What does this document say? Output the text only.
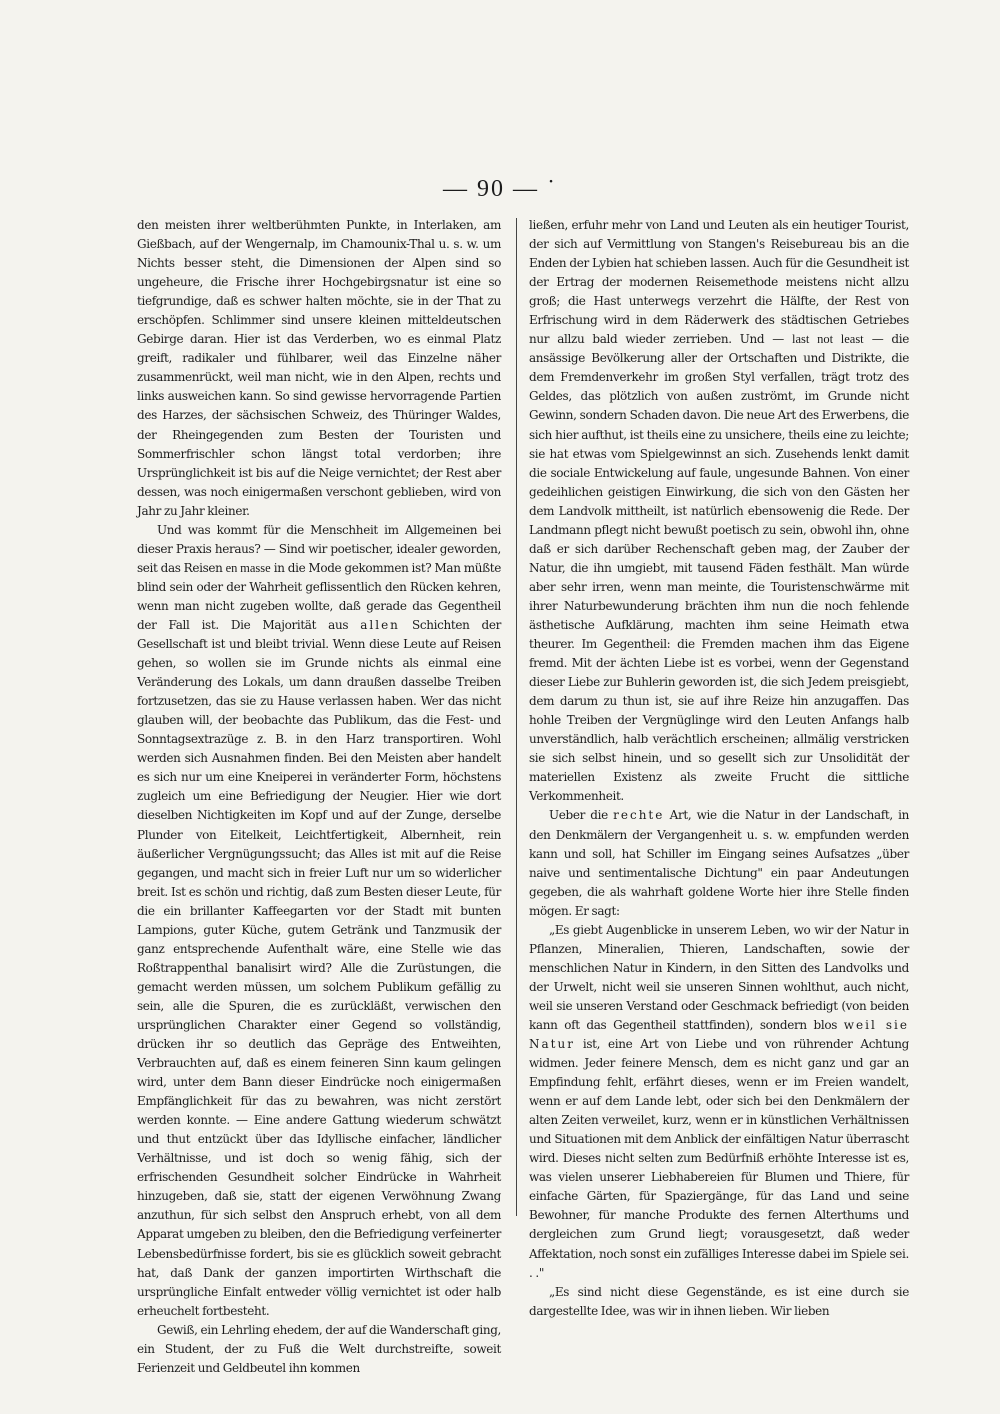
— 90 — ˙

den meisten ihrer weltberühmten Punkte, in Interlaken, am Gießbach, auf der Wengernalp, im Chamounix-Thal u. s. w. um Nichts besser steht, die Dimensionen der Alpen sind so ungeheure, die Frische ihrer Hochgebirgsnatur ist eine so tiefgrundige, daß es schwer halten möchte, sie in der That zu erschöpfen. Schlimmer sind unsere kleinen mitteldeutschen Gebirge daran. Hier ist das Verderben, wo es einmal Platz greift, radikaler und fühlbarer, weil das Einzelne näher zusammenrückt, weil man nicht, wie in den Alpen, rechts und links ausweichen kann. So sind gewisse hervorragende Partien des Harzes, der sächsischen Schweiz, des Thüringer Waldes, der Rheingegenden zum Besten der Touristen und Sommerfrischler schon längst total verdorben; ihre Ursprünglichkeit ist bis auf die Neige vernichtet; der Rest aber dessen, was noch einigermaßen verschont geblieben, wird von Jahr zu Jahr kleiner.

Und was kommt für die Menschheit im Allgemeinen bei dieser Praxis heraus? — Sind wir poetischer, idealer geworden, seit das Reisen en masse in die Mode gekommen ist? Man müßte blind sein oder der Wahrheit geflissentlich den Rücken kehren, wenn man nicht zugeben wollte, daß gerade das Gegentheil der Fall ist. Die Majorität aus allen Schichten der Gesellschaft ist und bleibt trivial. Wenn diese Leute auf Reisen gehen, so wollen sie im Grunde nichts als einmal eine Veränderung des Lokals, um dann draußen dasselbe Treiben fortzusetzen, das sie zu Hause verlassen haben. Wer das nicht glauben will, der beobachte das Publikum, das die Fest- und Sonntagsextrazüge z. B. in den Harz transportiren. Wohl werden sich Ausnahmen finden. Bei den Meisten aber handelt es sich nur um eine Kneiperei in veränderter Form, höchstens zugleich um eine Befriedigung der Neugier. Hier wie dort dieselben Nichtigkeiten im Kopf und auf der Zunge, derselbe Plunder von Eitelkeit, Leichtfertigkeit, Albernheit, rein äußerlicher Vergnügungssucht; das Alles ist mit auf die Reise gegangen, und macht sich in freier Luft nur um so widerlicher breit. Ist es schön und richtig, daß zum Besten dieser Leute, für die ein brillanter Kaffeegarten vor der Stadt mit bunten Lampions, guter Küche, gutem Getränk und Tanzmusik der ganz entsprechende Aufenthalt wäre, eine Stelle wie das Roßtrappenthal banalisirt wird? Alle die Zurüstungen, die gemacht werden müssen, um solchem Publikum gefällig zu sein, alle die Spuren, die es zurückläßt, verwischen den ursprünglichen Charakter einer Gegend so vollständig, drücken ihr so deutlich das Gepräge des Entweihten, Verbrauchten auf, daß es einem feineren Sinn kaum gelingen wird, unter dem Bann dieser Eindrücke noch einigermaßen Empfänglichkeit für das zu bewahren, was nicht zerstört werden konnte. — Eine andere Gattung wiederum schwätzt und thut entzückt über das Idyllische einfacher, ländlicher Verhältnisse, und ist doch so wenig fähig, sich der erfrischenden Gesundheit solcher Eindrücke in Wahrheit hinzugeben, daß sie, statt der eigenen Verwöhnung Zwang anzuthun, für sich selbst den Anspruch erhebt, von all dem Apparat umgeben zu bleiben, den die Befriedigung verfeinerter Lebensbedürfnisse fordert, bis sie es glücklich soweit gebracht hat, daß Dank der ganzen importirten Wirthschaft die ursprüngliche Einfalt entweder völlig vernichtet ist oder halb erheuchelt fortbesteht.

Gewiß, ein Lehrling ehedem, der auf die Wanderschaft ging, ein Student, der zu Fuß die Welt durchstreifte, soweit Ferienzeit und Geldbeutel ihn kommen

ließen, erfuhr mehr von Land und Leuten als ein heutiger Tourist, der sich auf Vermittlung von Stangen's Reisebureau bis an die Enden der Lybien hat schieben lassen. Auch für die Gesundheit ist der Ertrag der modernen Reisemethode meistens nicht allzu groß; die Hast unterwegs verzehrt die Hälfte, der Rest von Erfrischung wird in dem Räderwerk des städtischen Getriebes nur allzu bald wieder zerrieben. Und — last not least — die ansässige Bevölkerung aller der Ortschaften und Distrikte, die dem Fremdenverkehr im großen Styl verfallen, trägt trotz des Geldes, das plötzlich von außen zuströmt, im Grunde nicht Gewinn, sondern Schaden davon. Die neue Art des Erwerbens, die sich hier aufthut, ist theils eine zu unsichere, theils eine zu leichte; sie hat etwas vom Spielgewinnst an sich. Zusehends lenkt damit die sociale Entwickelung auf faule, ungesunde Bahnen. Von einer gedeihlichen geistigen Einwirkung, die sich von den Gästen her dem Landvolk mittheilt, ist natürlich ebensowenig die Rede. Der Landmann pflegt nicht bewußt poetisch zu sein, obwohl ihn, ohne daß er sich darüber Rechenschaft geben mag, der Zauber der Natur, die ihn umgiebt, mit tausend Fäden festhält. Man würde aber sehr irren, wenn man meinte, die Touristenschwärme mit ihrer Naturbewunderung brächten ihm nun die noch fehlende ästhetische Aufklärung, machten ihm seine Heimath etwa theurer. Im Gegentheil: die Fremden machen ihm das Eigene fremd. Mit der ächten Liebe ist es vorbei, wenn der Gegenstand dieser Liebe zur Buhlerin geworden ist, die sich Jedem preisgiebt, dem darum zu thun ist, sie auf ihre Reize hin anzugaffen. Das hohle Treiben der Vergnüglinge wird den Leuten Anfangs halb unverständlich, halb verächtlich erscheinen; allmälig verstricken sie sich selbst hinein, und so gesellt sich zur Unsolidität der materiellen Existenz als zweite Frucht die sittliche Verkommenheit.

Ueber die rechte Art, wie die Natur in der Landschaft, in den Denkmälern der Vergangenheit u. s. w. empfunden werden kann und soll, hat Schiller im Eingang seines Aufsatzes „über naive und sentimentalische Dichtung" ein paar Andeutungen gegeben, die als wahrhaft goldene Worte hier ihre Stelle finden mögen. Er sagt:

„Es giebt Augenblicke in unserem Leben, wo wir der Natur in Pflanzen, Mineralien, Thieren, Landschaften, sowie der menschlichen Natur in Kindern, in den Sitten des Landvolks und der Urwelt, nicht weil sie unseren Sinnen wohlthut, auch nicht, weil sie unseren Verstand oder Geschmack befriedigt (von beiden kann oft das Gegentheil stattfinden), sondern blos weil sie Natur ist, eine Art von Liebe und von rührender Achtung widmen. Jeder feinere Mensch, dem es nicht ganz und gar an Empfindung fehlt, erfährt dieses, wenn er im Freien wandelt, wenn er auf dem Lande lebt, oder sich bei den Denkmälern der alten Zeiten verweilet, kurz, wenn er in künstlichen Verhältnissen und Situationen mit dem Anblick der einfältigen Natur überrascht wird. Dieses nicht selten zum Bedürfniß erhöhte Interesse ist es, was vielen unserer Liebhabereien für Blumen und Thiere, für einfache Gärten, für Spaziergänge, für das Land und seine Bewohner, für manche Produkte des fernen Alterthums und dergleichen zum Grund liegt; vorausgesetzt, daß weder Affektation, noch sonst ein zufälliges Interesse dabei im Spiele sei. . ."

„Es sind nicht diese Gegenstände, es ist eine durch sie dargestellte Idee, was wir in ihnen lieben. Wir lieben
